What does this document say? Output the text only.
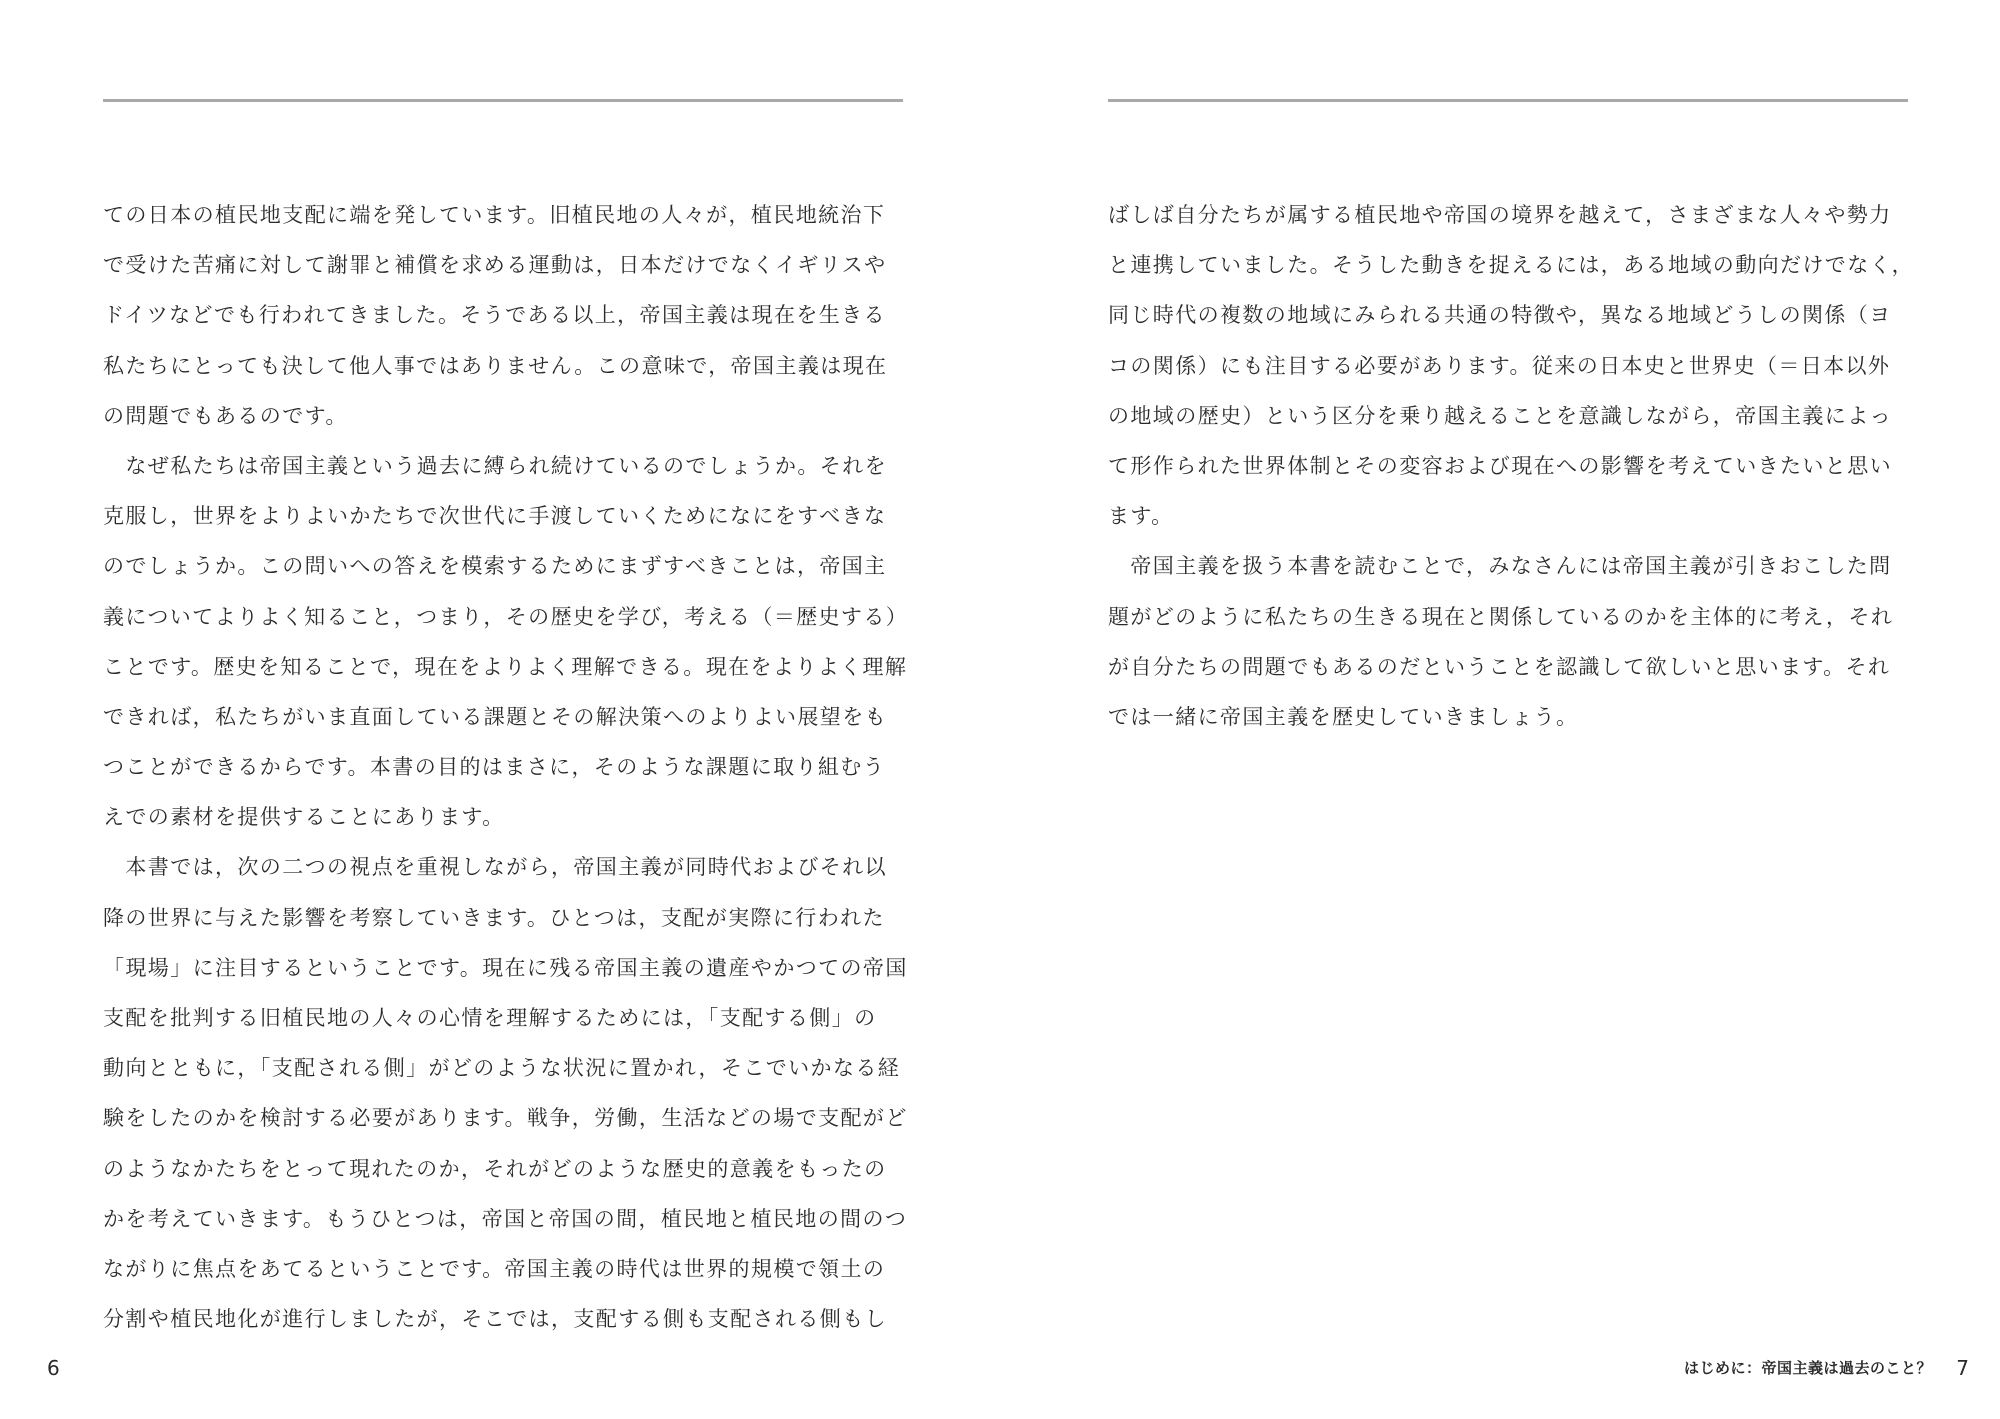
ての日本の植民地支配に端を発しています。旧植民地の人々が，植民地統治下
で受けた苦痛に対して謝罪と補償を求める運動は，日本だけでなくイギリスや
ドイツなどでも行われてきました。そうである以上，帝国主義は現在を生きる
私たちにとっても決して他人事ではありません。この意味で，帝国主義は現在
の問題でもあるのです。
　なぜ私たちは帝国主義という過去に縛られ続けているのでしょうか。それを
克服し，世界をよりよいかたちで次世代に手渡していくためになにをすべきな
のでしょうか。この問いへの答えを模索するためにまずすべきことは，帝国主
義についてよりよく知ること，つまり，その歴史を学び，考える（＝歴史する）
ことです。歴史を知ることで，現在をよりよく理解できる。現在をよりよく理解
できれば，私たちがいま直面している課題とその解決策へのよりよい展望をも
つことができるからです。本書の目的はまさに，そのような課題に取り組むう
えでの素材を提供することにあります。
　本書では，次の二つの視点を重視しながら，帝国主義が同時代およびそれ以
降の世界に与えた影響を考察していきます。ひとつは，支配が実際に行われた
「現場」に注目するということです。現在に残る帝国主義の遺産やかつての帝国
支配を批判する旧植民地の人々の心情を理解するためには，「支配する側」の
動向とともに，「支配される側」がどのような状況に置かれ，そこでいかなる経
験をしたのかを検討する必要があります。戦争，労働，生活などの場で支配がど
のようなかたちをとって現れたのか，それがどのような歴史的意義をもったの
かを考えていきます。もうひとつは，帝国と帝国の間，植民地と植民地の間のつ
ながりに焦点をあてるということです。帝国主義の時代は世界的規模で領土の
分割や植民地化が進行しましたが，そこでは，支配する側も支配される側もし
6
ばしば自分たちが属する植民地や帝国の境界を越えて，さまざまな人々や勢力
と連携していました。そうした動きを捉えるには，ある地域の動向だけでなく，
同じ時代の複数の地域にみられる共通の特徴や，異なる地域どうしの関係（ヨ
コの関係）にも注目する必要があります。従来の日本史と世界史（＝日本以外
の地域の歴史）という区分を乗り越えることを意識しながら，帝国主義によっ
て形作られた世界体制とその変容および現在への影響を考えていきたいと思い
ます。
　帝国主義を扱う本書を読むことで，みなさんには帝国主義が引きおこした問
題がどのように私たちの生きる現在と関係しているのかを主体的に考え，それ
が自分たちの問題でもあるのだということを認識して欲しいと思います。それ
では一緒に帝国主義を歴史していきましょう。
はじめに：帝国主義は過去のこと？ 7
